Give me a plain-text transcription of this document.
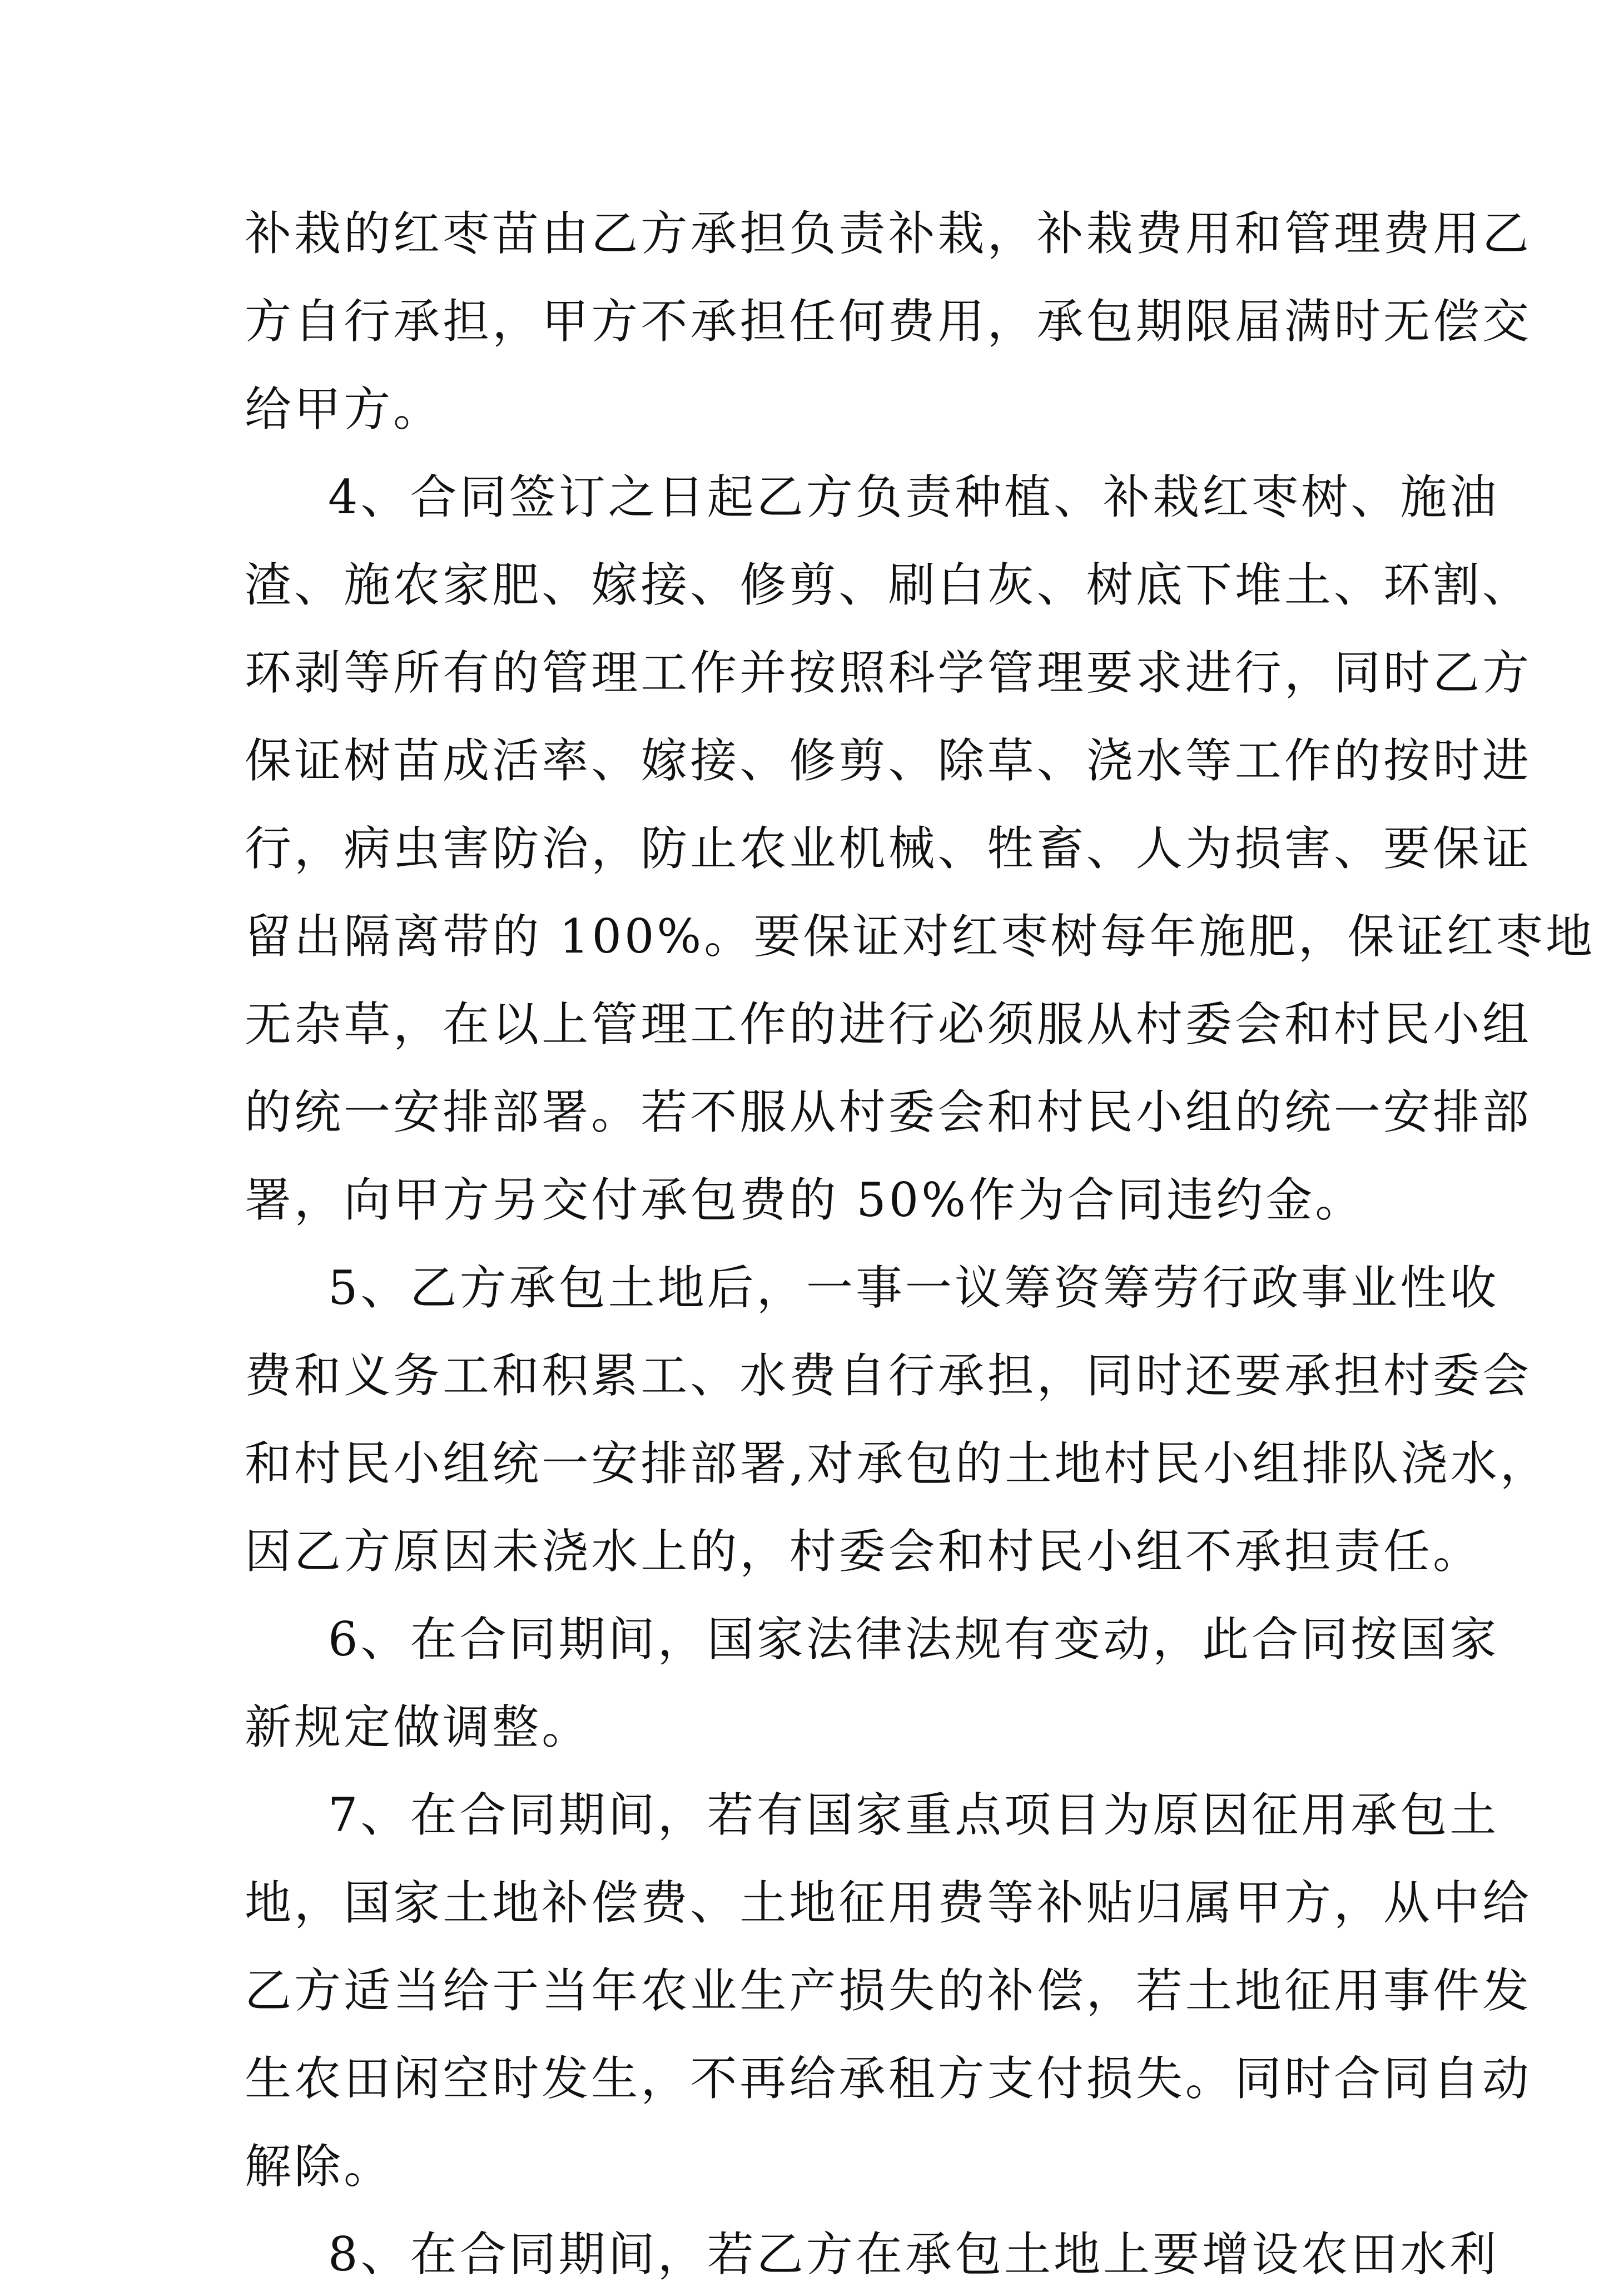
补栽的红枣苗由乙方承担负责补栽，补栽费用和管理费用乙
方自行承担，甲方不承担任何费用，承包期限届满时无偿交
给甲方。
4、合同签订之日起乙方负责种植、补栽红枣树、施油
渣、施农家肥、嫁接、修剪、刷白灰、树底下堆土、环割、
环剥等所有的管理工作并按照科学管理要求进行，同时乙方
保证树苗成活率、嫁接、修剪、除草、浇水等工作的按时进
行，病虫害防治，防止农业机械、牲畜、人为损害、要保证
留出隔离带的 100%。要保证对红枣树每年施肥，保证红枣地
无杂草，在以上管理工作的进行必须服从村委会和村民小组
的统一安排部署。若不服从村委会和村民小组的统一安排部
署，向甲方另交付承包费的 50%作为合同违约金。
5、乙方承包土地后，一事一议筹资筹劳行政事业性收
费和义务工和积累工、水费自行承担，同时还要承担村委会
和村民小组统一安排部署,对承包的土地村民小组排队浇水，
因乙方原因未浇水上的，村委会和村民小组不承担责任。
6、在合同期间，国家法律法规有变动，此合同按国家
新规定做调整。
7、在合同期间，若有国家重点项目为原因征用承包土
地，国家土地补偿费、土地征用费等补贴归属甲方，从中给
乙方适当给于当年农业生产损失的补偿，若土地征用事件发
生农田闲空时发生，不再给承租方支付损失。同时合同自动
解除。
8、在合同期间，若乙方在承包土地上要增设农田水利
